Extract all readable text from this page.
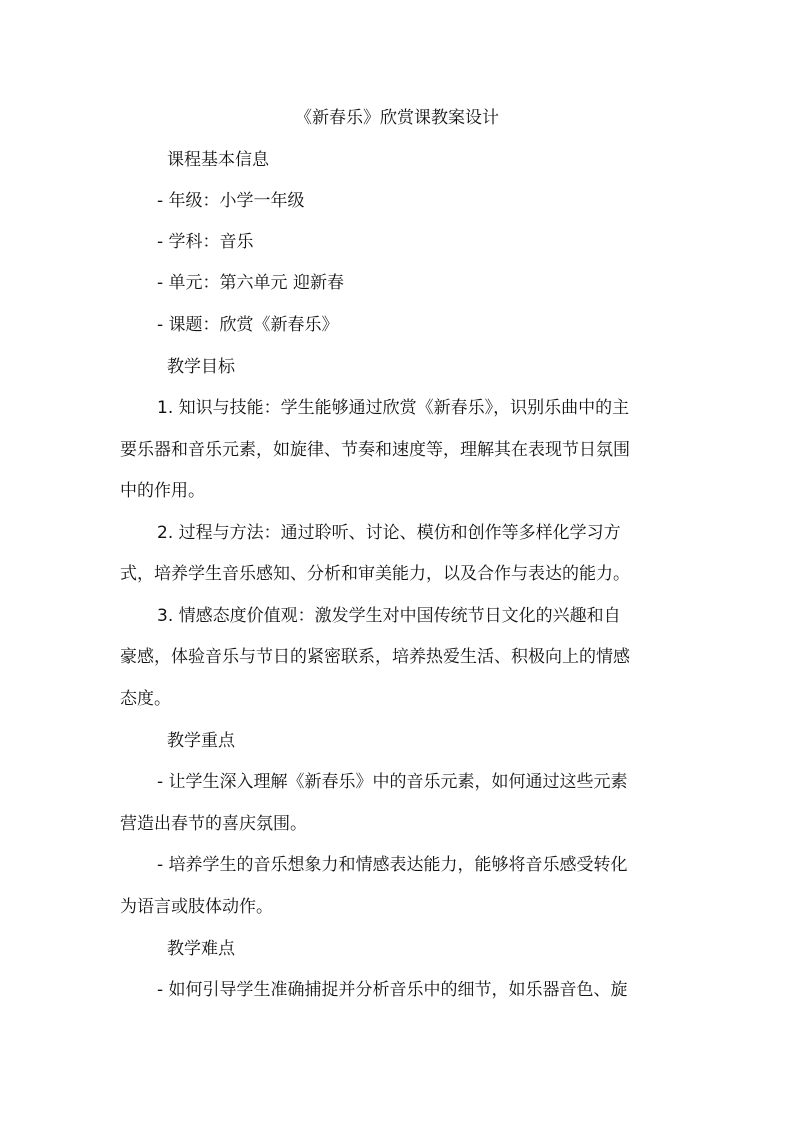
《新春乐》欣赏课教案设计
课程基本信息
- 年级：小学一年级
- 学科：音乐
- 单元：第六单元 迎新春
- 课题：欣赏《新春乐》
教学目标
1. 知识与技能：学生能够通过欣赏《新春乐》，识别乐曲中的主
要乐器和音乐元素，如旋律、节奏和速度等，理解其在表现节日氛围
中的作用。
2. 过程与方法：通过聆听、讨论、模仿和创作等多样化学习方
式，培养学生音乐感知、分析和审美能力，以及合作与表达的能力。
3. 情感态度价值观：激发学生对中国传统节日文化的兴趣和自
豪感，体验音乐与节日的紧密联系，培养热爱生活、积极向上的情感
态度。
教学重点
- 让学生深入理解《新春乐》中的音乐元素，如何通过这些元素
营造出春节的喜庆氛围。
- 培养学生的音乐想象力和情感表达能力，能够将音乐感受转化
为语言或肢体动作。
教学难点
- 如何引导学生准确捕捉并分析音乐中的细节，如乐器音色、旋
